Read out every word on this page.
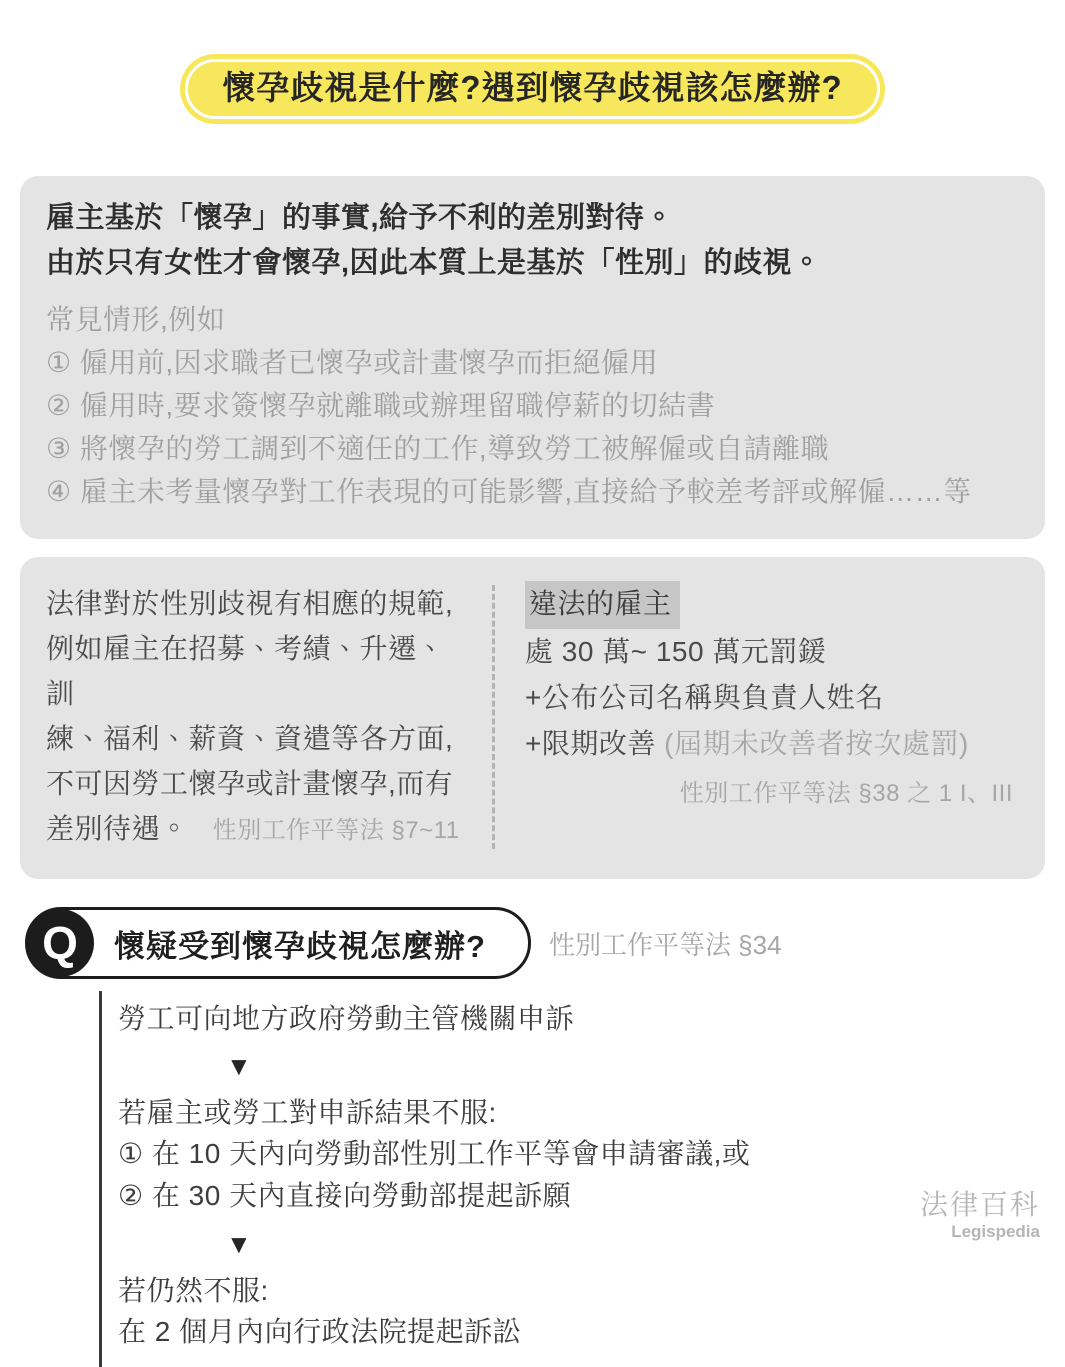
懷孕歧視是什麼?遇到懷孕歧視該怎麼辦?
雇主基於「懷孕」的事實,給予不利的差別對待。
由於只有女性才會懷孕,因此本質上是基於「性別」的歧視。
常見情形,例如
① 僱用前,因求職者已懷孕或計畫懷孕而拒絕僱用
② 僱用時,要求簽懷孕就離職或辦理留職停薪的切結書
③ 將懷孕的勞工調到不適任的工作,導致勞工被解僱或自請離職
④ 雇主未考量懷孕對工作表現的可能影響,直接給予較差考評或解僱……等
法律對於性別歧視有相應的規範,
例如雇主在招募、考績、升遷、訓
練、福利、薪資、資遣等各方面,
不可因勞工懷孕或計畫懷孕,而有
差別待遇。 性別工作平等法 §7~11
違法的雇主
處 30 萬~ 150 萬元罰鍰
+公布公司名稱與負責人姓名
+限期改善 (屆期未改善者按次處罰)
性別工作平等法 §38 之 1 I、III
Q	懷疑受到懷孕歧視怎麼辦? 性別工作平等法 §34
勞工可向地方政府勞動主管機關申訴
▼
若雇主或勞工對申訴結果不服:
① 在 10 天內向勞動部性別工作平等會申請審議,或
② 在 30 天內直接向勞動部提起訴願
▼
若仍然不服:
在 2 個月內向行政法院提起訴訟
法律百科
Legispedia
